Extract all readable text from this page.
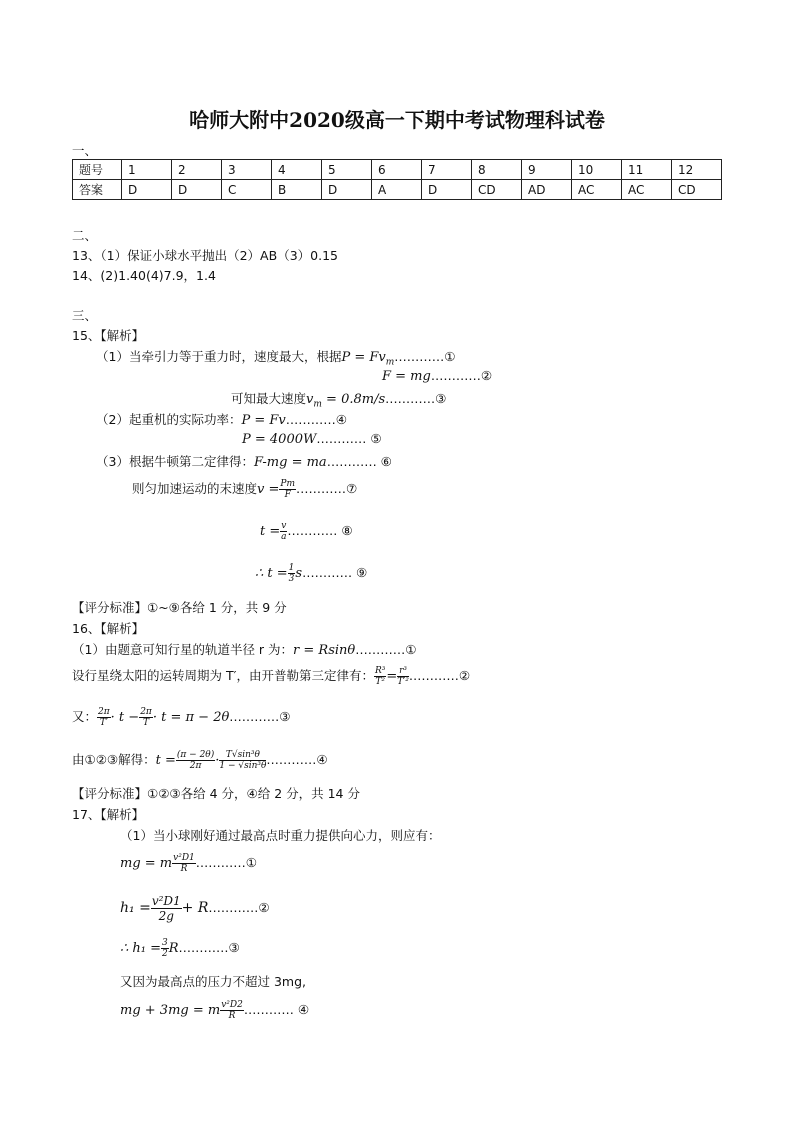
哈师大附中2020级高一下期中考试物理科试卷
一、
题号	1	2	3	4	5	6	7	8	9	10	11	12
答案	D	D	C	B	D	A	D	CD	AD	AC	AC	CD
二、
13、（1）保证小球水平抛出（2）AB（3）0.15
14、(2)1.40(4)7.9，1.4
三、
15、【解析】
（1）当牵引力等于重力时，速度最大，根据$P = Fv_m\dots\dots\dots\dots ①$
F = mg…………②
可知最大速度$v_m$ = 0.8m/s…………③
（2）起重机的实际功率：P = Fv…………④
P = 4000W………… ⑤
（3）根据牛顿第二定律得：F-mg = ma………… ⑥
则匀加速运动的末速度$v = \frac{Pm}{F}$ …………⑦
$t = \frac{v}{a}$ ………… ⑧
∴ $t = \frac{1}{3}$ s………… ⑨
【评分标准】①~⑨各给 1 分，共 9 分
16、【解析】
（1）由题意可知行星的轨道半径 r 为：r = Rsinθ…………①
设行星绕太阳的运转周期为 T′，由开普勒第三定律有： $\frac{\text{R³}}{\text{T²}} = \frac{\text{r³}}{\text{T′²}}$ …………②
又： $\frac{2\pi}{T'} \cdot t - \frac{2\pi}{T} \cdot t = \pi$ − 2θ…………③
由①②③解得：$t = \frac{(\pi - 2\theta)}{2\pi} \cdot \frac{\text{T√sin³θ}}{\text{1 − √sin³θ}}$ …………④
【评分标准】①②③各给 4 分，④给 2 分，共 14 分
17、【解析】
（1）当小球刚好通过最高点时重力提供向心力，则应有：
mg = m $\frac{\text{v²D1}}{R}$ …………①
$h_1 = \frac{\text{v²D1}}{2g}$ + R…………②
∴ $h_1 = \frac{3}{2}$ R…………③
又因为最高点的压力不超过 3mg,
mg + 3mg = m $\frac{\text{v²D2}}{R}$ ………… ④
